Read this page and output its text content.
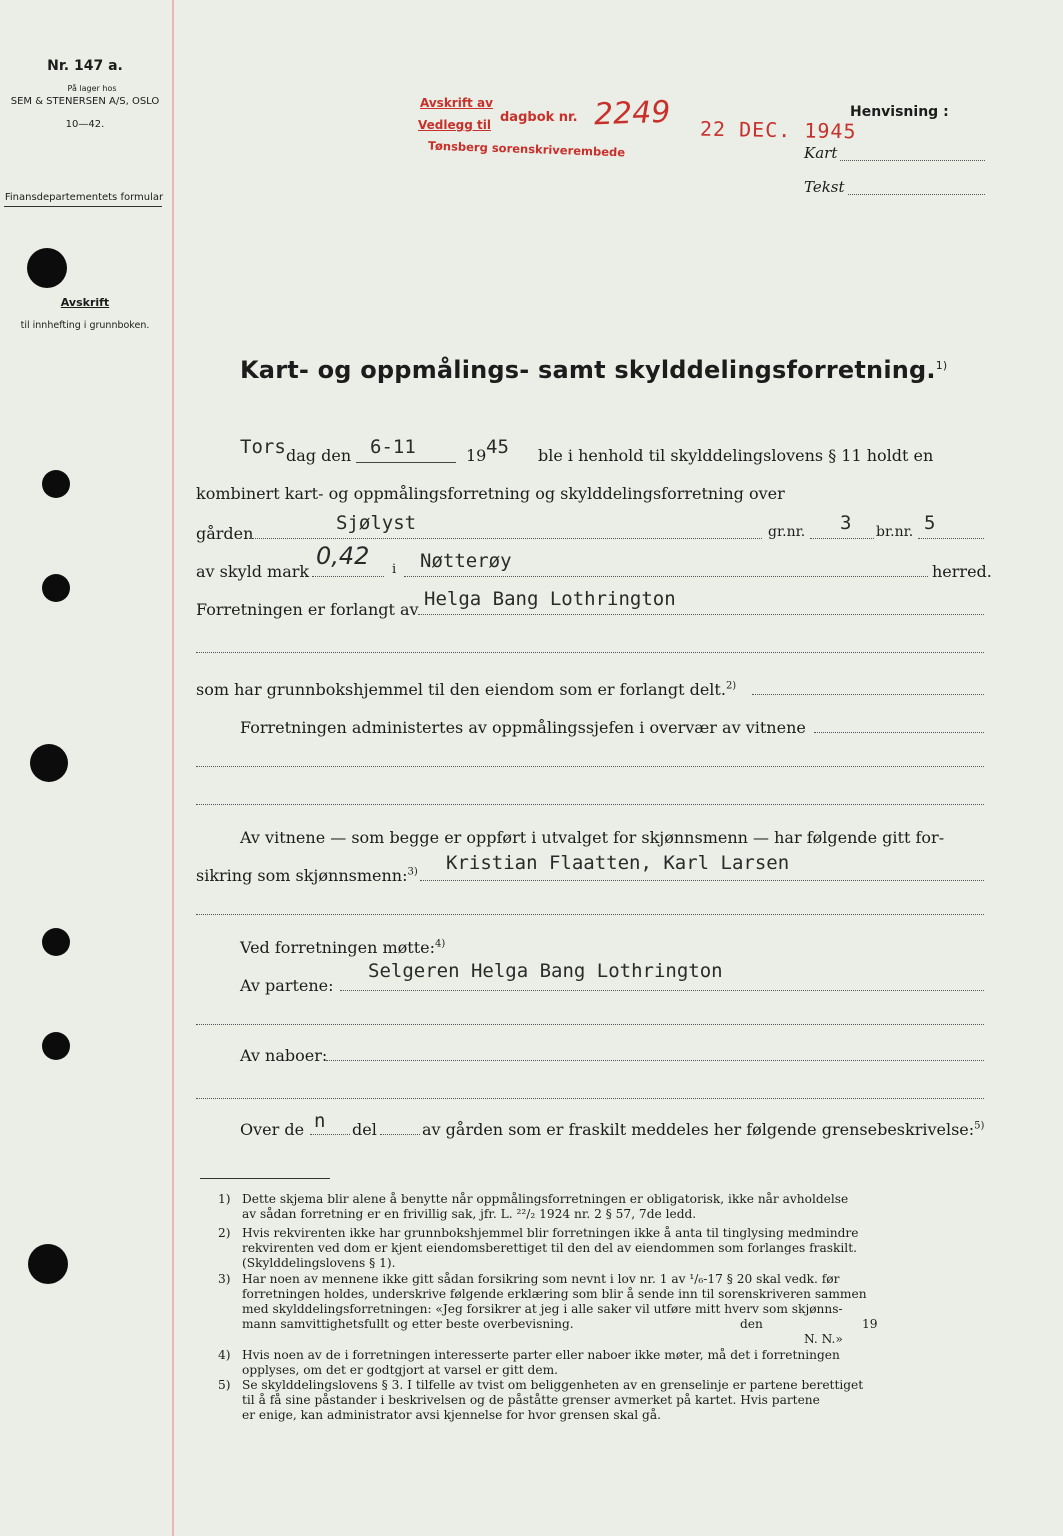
Nr. 147 a.
På lager hos
SEM & STENERSEN A/S, OSLO
10—42.
Finansdepartementets formular
Avskrift
til innhefting i grunnboken.
Avskrift av
dagbok nr.
Vedlegg til
Tønsberg sorenskriverembede
2249 22 DEC. 1945
Henvisning :
Kart
Tekst
Kart- og oppmålings- samt skylddelingsforretning.$^{1)}$
Tors dag den 6-11	19 45 ble i henhold til skylddelingslovens § 11 holdt en
kombinert kart- og oppmålingsforretning og skylddelingsforretning over
gården	Sjølyst	gr.nr. 3 br.nr. 5
av skyld mark
0,42 i Nøtterøy	herred.
Forretningen er forlangt av Helga Bang Lothrington
som har grunnbokshjemmel til den eiendom som er forlangt delt.$^{2)}$
Forretningen administertes av oppmålingssjefen i overvær av vitnene
Av vitnene — som begge er oppført i utvalget for skjønnsmenn — har følgende gitt for-
sikring som skjønnsmenn:$^{3)}$ Kristian Flaatten, Karl Larsen
Ved forretningen møtte:$^{4)}$
Av partene:
Selgeren Helga Bang Lothrington
Av naboer:
Over de n del	av gården som er fraskilt meddeles her følgende grensebeskrivelse:$^{5)}$
1) Dette skjema blir alene å benytte når oppmålingsforretningen er obligatorisk, ikke når avholdelse

av sådan forretning er en frivillig sak, jfr. L. ²²/₂ 1924 nr. 2 § 57, 7de ledd.

2) Hvis rekvirenten ikke har grunnbokshjemmel blir forretningen ikke å anta til tinglysing medmindre

rekvirenten ved dom er kjent eiendomsberettiget til den del av eiendommen som forlanges fraskilt.

(Skylddelingslovens § 1).

3) Har noen av mennene ikke gitt sådan forsikring som nevnt i lov nr. 1 av ¹/₆-17 § 20 skal vedk. før

forretningen holdes, underskrive følgende erklæring som blir å sende inn til sorenskriveren sammen

med skylddelingsforretningen: «Jeg forsikrer at jeg i alle saker vil utføre mitt hverv som skjønns-

mann samvittighetsfullt og etter beste overbevisning.	den	19
N. N.»
4) Hvis noen av de i forretningen interesserte parter eller naboer ikke møter, må det i forretningen

opplyses, om det er godtgjort at varsel er gitt dem.

5) Se skylddelingslovens § 3. I tilfelle av tvist om beliggenheten av en grenselinje er partene berettiget

til å få sine påstander i beskrivelsen og de påståtte grenser avmerket på kartet. Hvis partene

er enige, kan administrator avsi kjennelse for hvor grensen skal gå.
